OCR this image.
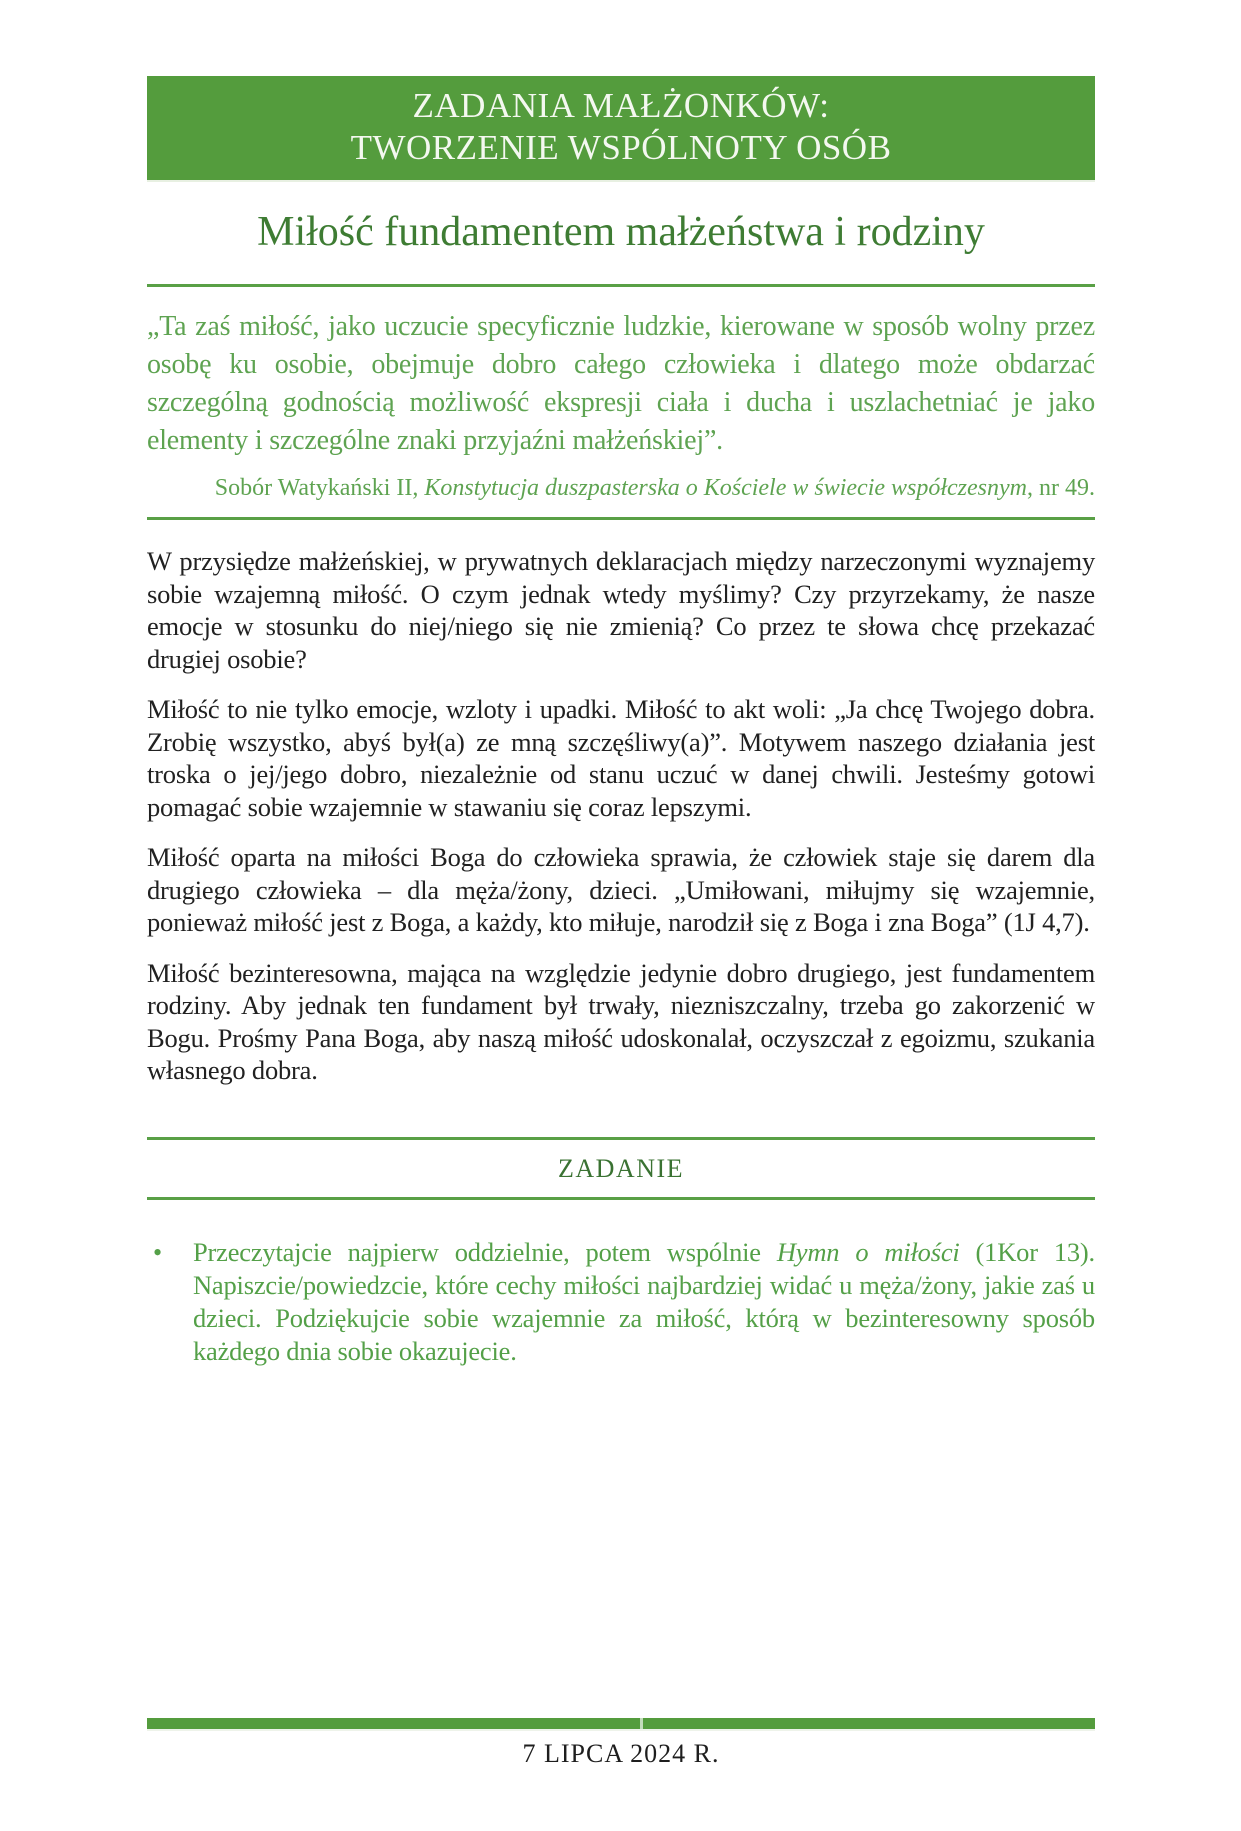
ZADANIA MAŁŻONKÓW:
TWORZENIE WSPÓLNOTY OSÓB
Miłość fundamentem małżeństwa i rodziny
„Ta zaś miłość, jako uczucie specyficznie ludzkie, kierowane w sposób wolny przez osobę ku osobie, obejmuje dobro całego człowieka i dlatego może obdarzać szczególną godnością możliwość ekspresji ciała i ducha i uszlachetniać je jako elementy i szczególne znaki przyjaźni małżeńskiej”.
Sobór Watykański II, Konstytucja duszpasterska o Kościele w świecie współczesnym, nr 49.

W przysiędze małżeńskiej, w prywatnych deklaracjach między narzeczonymi wyznajemy sobie wzajemną miłość. O czym jednak wtedy myślimy? Czy przyrzekamy, że nasze emocje w stosunku do niej/niego się nie zmienią? Co przez te słowa chcę przekazać drugiej osobie?

Miłość to nie tylko emocje, wzloty i upadki. Miłość to akt woli: „Ja chcę Twojego dobra. Zrobię wszystko, abyś był(a) ze mną szczęśliwy(a)”. Motywem naszego działania jest troska o jej/jego dobro, niezależnie od stanu uczuć w danej chwili. Jesteśmy gotowi pomagać sobie wzajemnie w stawaniu się coraz lepszymi.

Miłość oparta na miłości Boga do człowieka sprawia, że człowiek staje się darem dla drugiego człowieka – dla męża/żony, dzieci. „Umiłowani, miłujmy się wzajemnie, ponieważ miłość jest z Boga, a każdy, kto miłuje, narodził się z Boga i zna Boga” (1J 4,7).

Miłość bezinteresowna, mająca na względzie jedynie dobro drugiego, jest fundamentem rodziny. Aby jednak ten fundament był trwały, niezniszczalny, trzeba go zakorzenić w Bogu. Prośmy Pana Boga, aby naszą miłość udoskonalał, oczyszczał z egoizmu, szukania własnego dobra.

ZADANIE
•	Przeczytajcie najpierw oddzielnie, potem wspólnie Hymn o miłości (1Kor 13). Napiszcie/powiedzcie, które cechy miłości najbardziej widać u męża/żony, jakie zaś u dzieci. Podziękujcie sobie wzajemnie za miłość, którą w bezinteresowny sposób każdego dnia sobie okazujecie.
7 LIPCA 2024 R.
